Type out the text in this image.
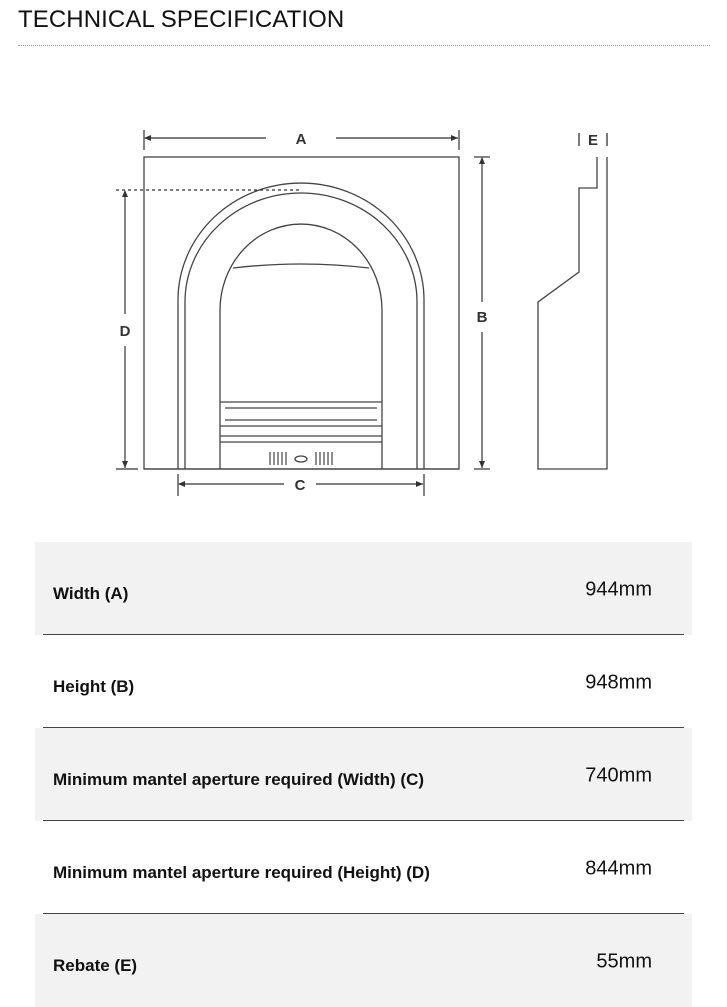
TECHNICAL SPECIFICATION
A
B
C
D
E
Width (A)	944mm
Height (B)	948mm
Minimum mantel aperture required (Width) (C)	740mm
Minimum mantel aperture required (Height) (D)	844mm
Rebate (E)	55mm
